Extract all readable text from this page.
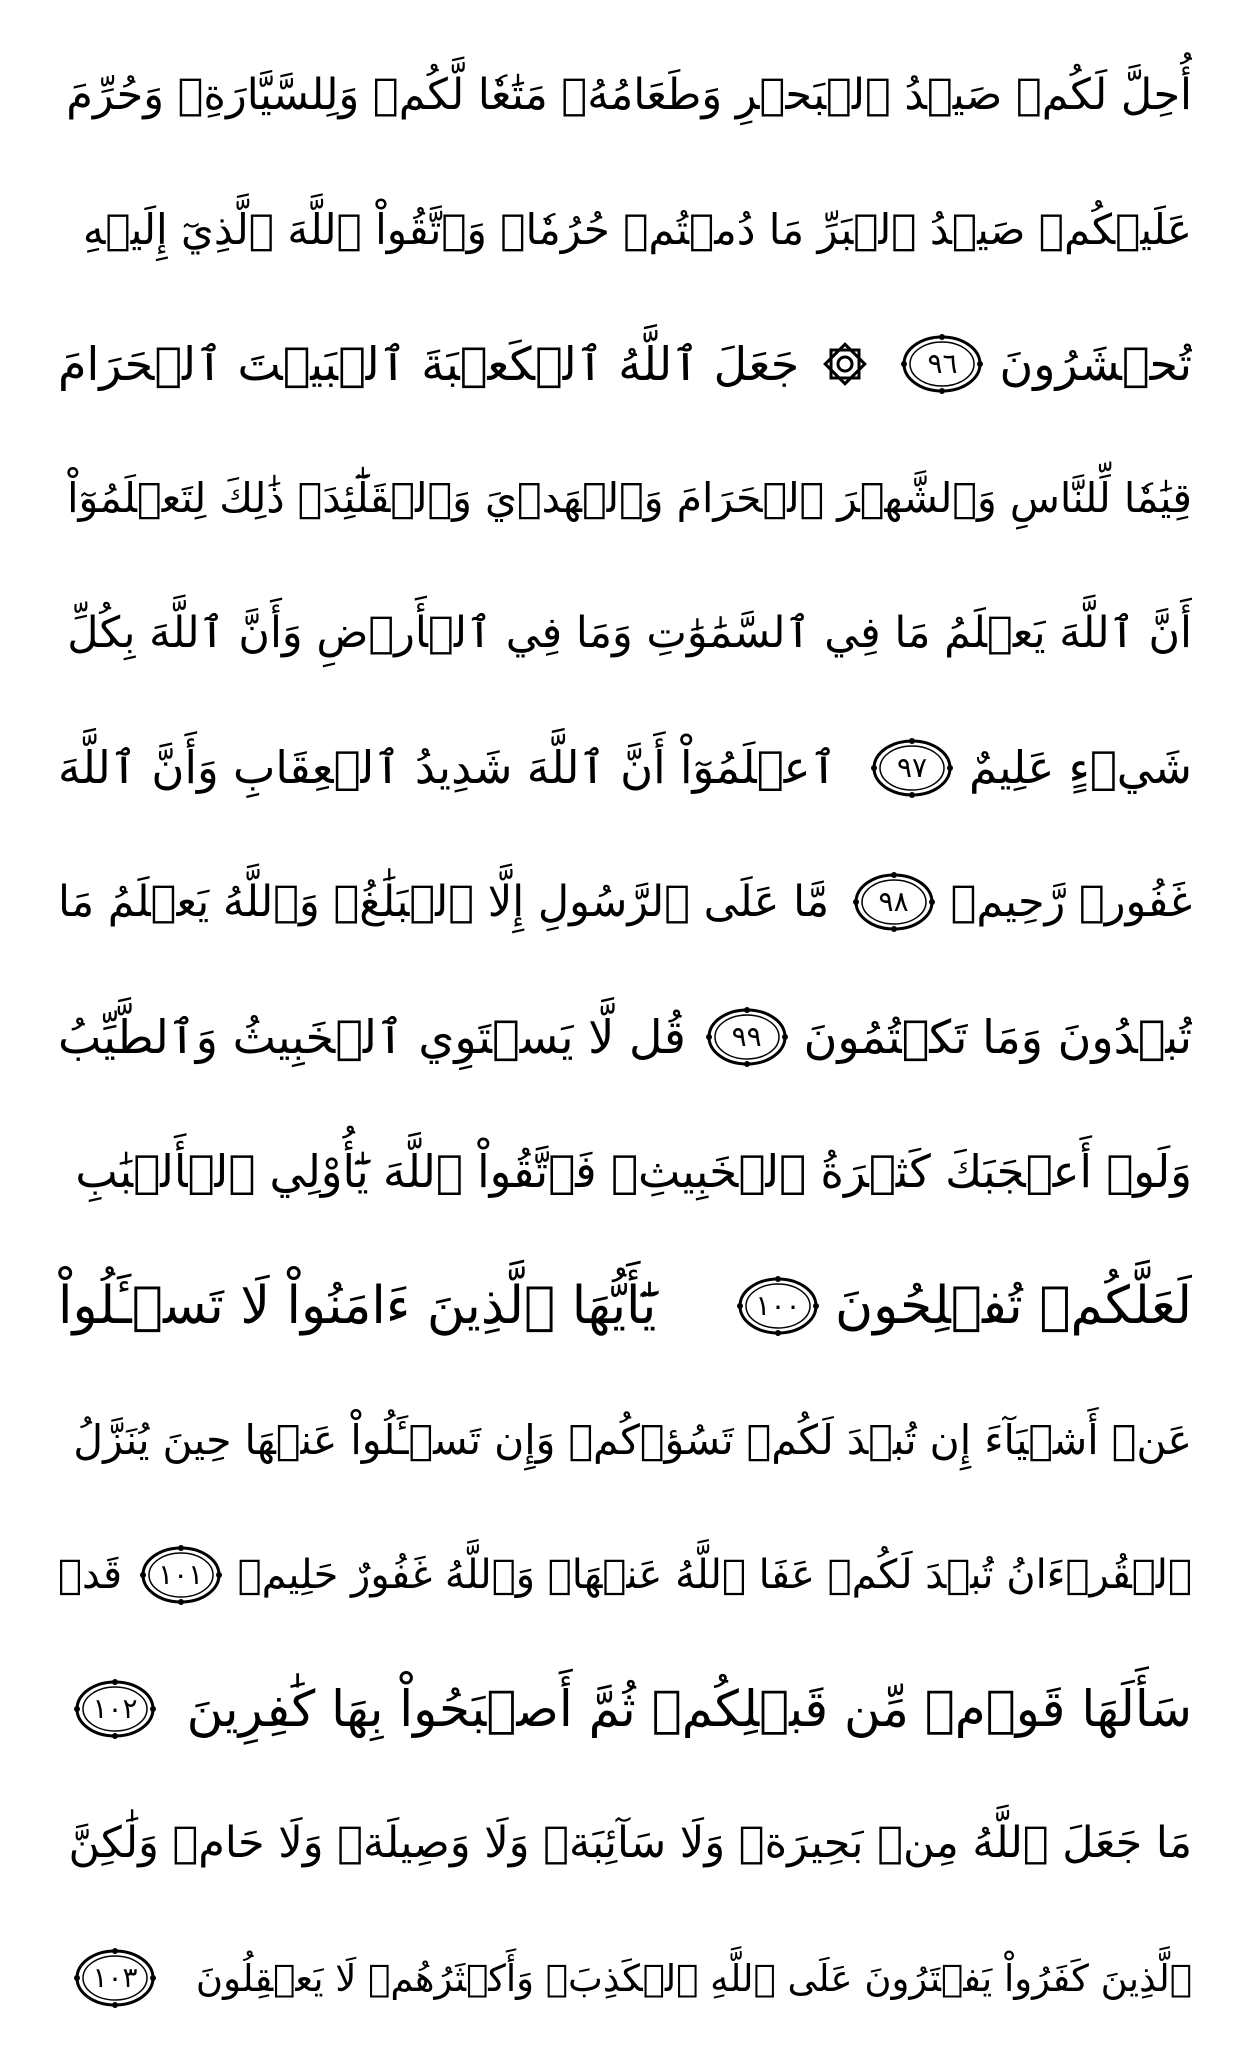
أُحِلَّ لَكُمۡ صَيۡدُ ٱلۡبَحۡرِ وَطَعَامُهُۥ مَتَٰعٗا لَّكُمۡ وَلِلسَّيَّارَةِۖ وَحُرِّمَ
عَلَيۡكُمۡ صَيۡدُ ٱلۡبَرِّ مَا دُمۡتُمۡ حُرُمٗاۗ وَٱتَّقُواْ ٱللَّهَ ٱلَّذِيٓ إِلَيۡهِ
تُحۡشَرُونَ
٩٦
جَعَلَ ٱللَّهُ ٱلۡكَعۡبَةَ ٱلۡبَيۡتَ ٱلۡحَرَامَ
قِيَٰمٗا لِّلنَّاسِ وَٱلشَّهۡرَ ٱلۡحَرَامَ وَٱلۡهَدۡيَ وَٱلۡقَلَٰٓئِدَۚ ذَٰلِكَ لِتَعۡلَمُوٓاْ
أَنَّ ٱللَّهَ يَعۡلَمُ مَا فِي ٱلسَّمَٰوَٰتِ وَمَا فِي ٱلۡأَرۡضِ وَأَنَّ ٱللَّهَ بِكُلِّ
شَيۡءٍ عَلِيمٌ
٩٧
ٱعۡلَمُوٓاْ أَنَّ ٱللَّهَ شَدِيدُ ٱلۡعِقَابِ وَأَنَّ ٱللَّهَ
غَفُورٞ رَّحِيمٞ
٩٨
مَّا عَلَى ٱلرَّسُولِ إِلَّا ٱلۡبَلَٰغُۗ وَٱللَّهُ يَعۡلَمُ مَا
تُبۡدُونَ وَمَا تَكۡتُمُونَ
٩٩
قُل لَّا يَسۡتَوِي ٱلۡخَبِيثُ وَٱلطَّيِّبُ
وَلَوۡ أَعۡجَبَكَ كَثۡرَةُ ٱلۡخَبِيثِۚ فَٱتَّقُواْ ٱللَّهَ يَٰٓأُوْلِي ٱلۡأَلۡبَٰبِ
لَعَلَّكُمۡ تُفۡلِحُونَ
١٠٠
يَٰٓأَيُّهَا ٱلَّذِينَ ءَامَنُواْ لَا تَسۡـَٔلُواْ
عَنۡ أَشۡيَآءَ إِن تُبۡدَ لَكُمۡ تَسُؤۡكُمۡ وَإِن تَسۡـَٔلُواْ عَنۡهَا حِينَ يُنَزَّلُ
ٱلۡقُرۡءَانُ تُبۡدَ لَكُمۡ عَفَا ٱللَّهُ عَنۡهَاۗ وَٱللَّهُ غَفُورٌ حَلِيمٞ
١٠١
قَدۡ
سَأَلَهَا قَوۡمٞ مِّن قَبۡلِكُمۡ ثُمَّ أَصۡبَحُواْ بِهَا كَٰفِرِينَ
١٠٢
مَا جَعَلَ ٱللَّهُ مِنۢ بَحِيرَةٖ وَلَا سَآئِبَةٖ وَلَا وَصِيلَةٖ وَلَا حَامٖ وَلَٰكِنَّ
ٱلَّذِينَ كَفَرُواْ يَفۡتَرُونَ عَلَى ٱللَّهِ ٱلۡكَذِبَۖ وَأَكۡثَرُهُمۡ لَا يَعۡقِلُونَ
١٠٣
